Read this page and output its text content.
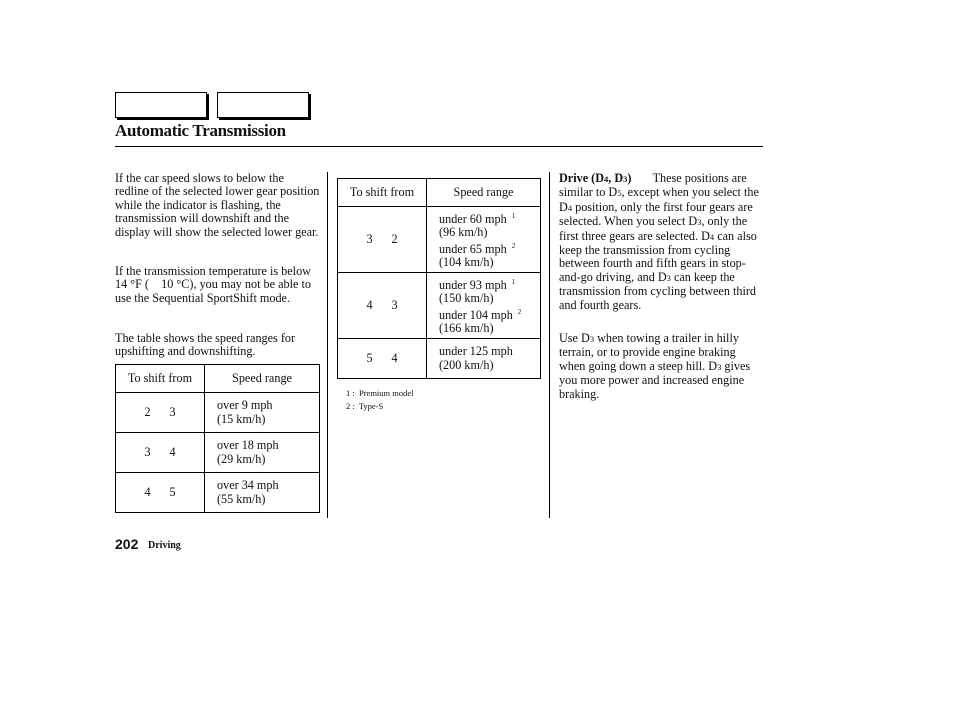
Automatic Transmission

If the car speed slows to below the redline of the selected lower gear position while the indicator is flashing, the transmission will downshift and the display will show the selected lower gear.

If the transmission temperature is below 14 °F (    10 °C), you may not be able to use the Sequential SportShift mode.

The table shows the speed ranges for upshifting and downshifting.

To shift from	Speed range
2 3	over 9 mph
(15 km/h)

3 4	over 18 mph
(29 km/h)

4 5	over 34 mph
(55 km/h)
To shift from	Speed range
3 2	under 60 mph $^1$
(96 km/h)
under 65 mph $^2$
(104 km/h)

4 3	under 93 mph $^1$
(150 km/h)
under 104 mph $^2$
(166 km/h)

5 4	under 125 mph
(200 km/h)
1 :  Premium model
2 :  Type-S

Drive (D4, D3) These positions are similar to D5, except when you select the D4 position, only the first four gears are selected. When you select D3, only the first three gears are selected. D4 can also keep the transmission from cycling between fourth and fifth gears in stop-and-go driving, and D3 can keep the transmission from cycling between third and fourth gears.

Use D3 when towing a trailer in hilly terrain, or to provide engine braking when going down a steep hill. D3 gives you more power and increased engine braking.

202 Driving
